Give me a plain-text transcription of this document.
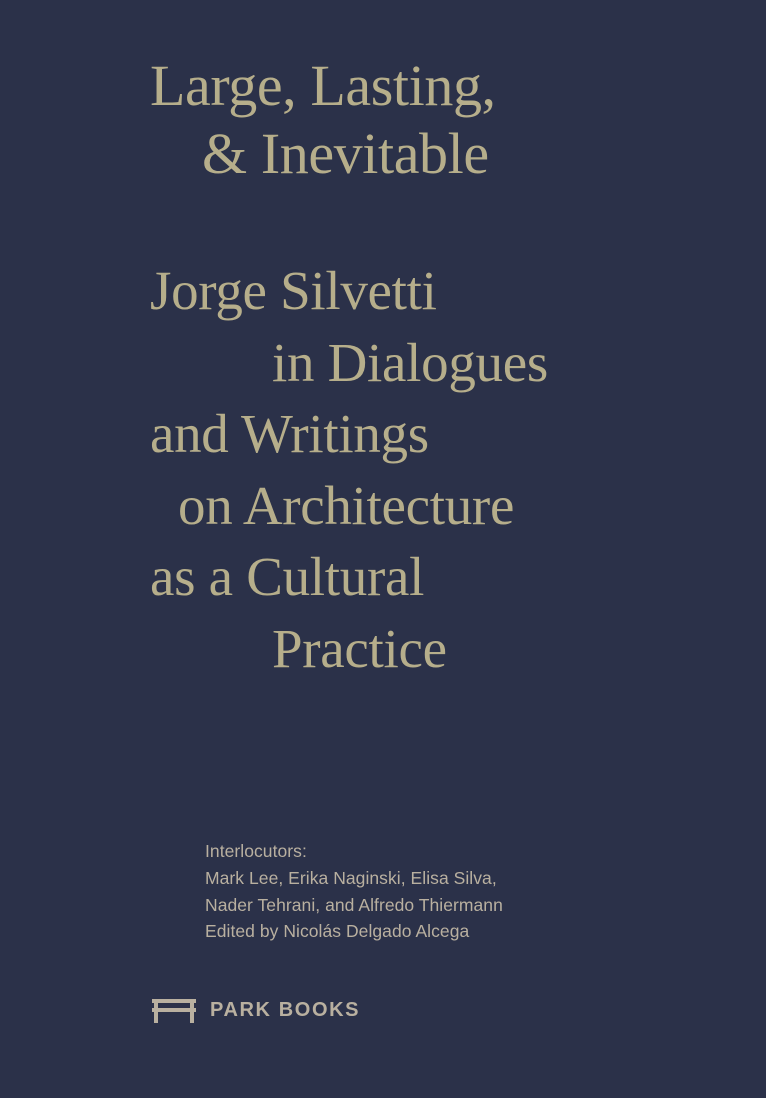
Large, Lasting,
& Inevitable
Jorge Silvetti
in Dialogues
and Writings
on Architecture
as a Cultural
Practice
Interlocutors:
Mark Lee, Erika Naginski, Elisa Silva,
Nader Tehrani, and Alfredo Thiermann
Edited by Nicolás Delgado Alcega
PARK BOOKS
